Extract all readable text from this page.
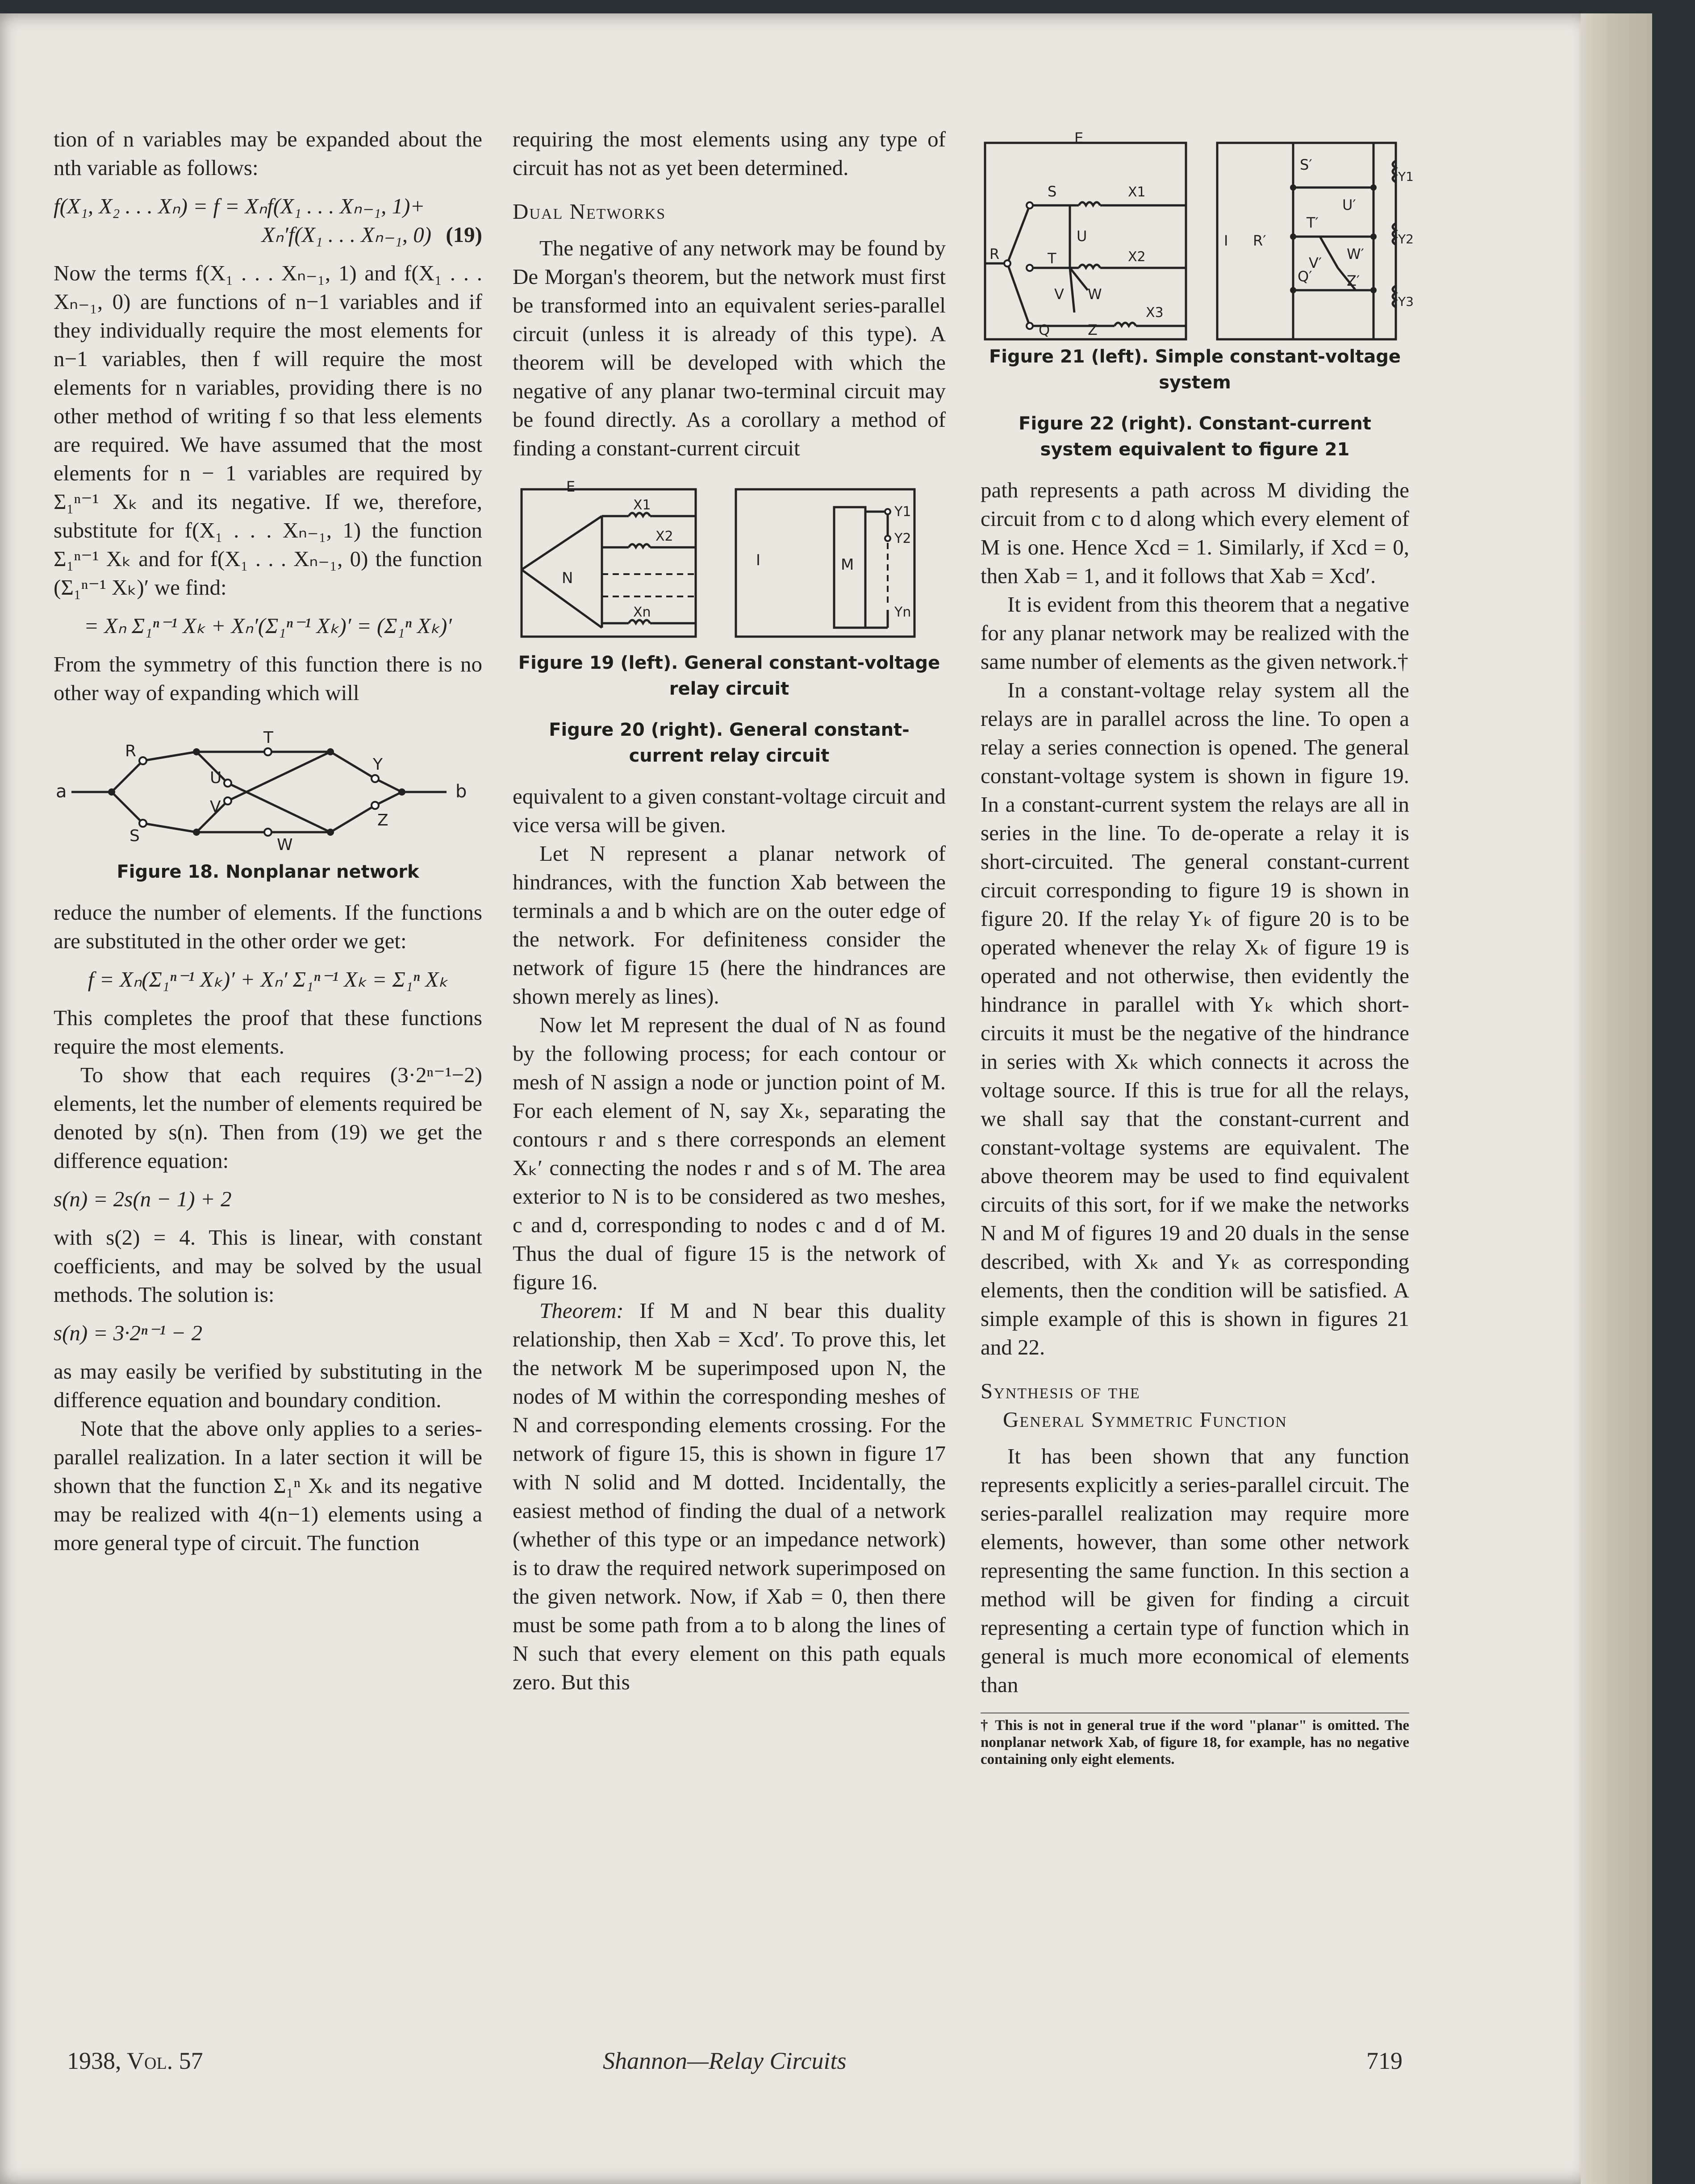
tion of n variables may be expanded about the nth variable as follows:

f(X₁, X₂ . . . Xₙ) = f = Xₙf(X₁ . . . Xₙ₋₁, 1)+
Xₙ′f(X₁ . . . Xₙ₋₁, 0) (19)

Now the terms f(X₁ . . . Xₙ₋₁, 1) and f(X₁ . . . Xₙ₋₁, 0) are functions of n−1 variables and if they individually require the most elements for n−1 variables, then f will require the most elements for n variables, providing there is no other method of writing f so that less elements are required. We have assumed that the most elements for n − 1 variables are required by Σ₁ⁿ⁻¹ Xₖ and its negative. If we, therefore, substitute for f(X₁ . . . Xₙ₋₁, 1) the function Σ₁ⁿ⁻¹ Xₖ and for f(X₁ . . . Xₙ₋₁, 0) the function (Σ₁ⁿ⁻¹ Xₖ)′ we find:

= Xₙ Σ₁ⁿ⁻¹ Xₖ + Xₙ′(Σ₁ⁿ⁻¹ Xₖ)′ = (Σ₁ⁿ Xₖ)′

From the symmetry of this function there is no other way of expanding which will

a	b
R
S
T
U
V
W
Y
Z
Figure 18. Nonplanar network

reduce the number of elements. If the functions are substituted in the other order we get:

f = Xₙ(Σ₁ⁿ⁻¹ Xₖ)′ + Xₙ′ Σ₁ⁿ⁻¹ Xₖ = Σ₁ⁿ Xₖ

This completes the proof that these functions require the most elements.

To show that each requires (3·2ⁿ⁻¹−2) elements, let the number of elements required be denoted by s(n). Then from (19) we get the difference equation:

s(n) = 2s(n − 1) + 2

with s(2) = 4. This is linear, with constant coefficients, and may be solved by the usual methods. The solution is:

s(n) = 3·2ⁿ⁻¹ − 2

as may easily be verified by substituting in the difference equation and boundary condition.

Note that the above only applies to a series-parallel realization. In a later section it will be shown that the function Σ₁ⁿ Xₖ and its negative may be realized with 4(n−1) elements using a more general type of circuit. The function

requiring the most elements using any type of circuit has not as yet been determined.

Dual Networks

The negative of any network may be found by De Morgan's theorem, but the network must first be transformed into an equivalent series-parallel circuit (unless it is already of this type). A theorem will be developed with which the negative of any planar two-terminal circuit may be found directly. As a corollary a method of finding a constant-current circuit

E
N
X1
X2
Xn
I	M
Y1
Y2
Yn
Figure 19 (left). General constant-voltage relay circuit
Figure 20 (right). General constant-current relay circuit

equivalent to a given constant-voltage circuit and vice versa will be given.

Let N represent a planar network of hindrances, with the function Xab between the terminals a and b which are on the outer edge of the network. For definiteness consider the network of figure 15 (here the hindrances are shown merely as lines).

Now let M represent the dual of N as found by the following process; for each contour or mesh of N assign a node or junction point of M. For each element of N, say Xₖ, separating the contours r and s there corresponds an element Xₖ′ connecting the nodes r and s of M. The area exterior to N is to be considered as two meshes, c and d, corresponding to nodes c and d of M. Thus the dual of figure 15 is the network of figure 16.

Theorem: If M and N bear this duality relationship, then Xab = Xcd′. To prove this, let the network M be superimposed upon N, the nodes of M within the corresponding meshes of N and corresponding elements crossing. For the network of figure 15, this is shown in figure 17 with N solid and M dotted. Incidentally, the easiest method of finding the dual of a network (whether of this type or an impedance network) is to draw the required network superimposed on the given network. Now, if Xab = 0, then there must be some path from a to b along the lines of N such that every element on this path equals zero. But this

E
R
S
T
U
V W
Q	Z
X1
X2
X3
I R′
S′
T′
U′
V′
W′
Q′ Z′
Y1
Y2
Y3
Figure 21 (left). Simple constant-voltage system
Figure 22 (right). Constant-current system equivalent to figure 21

path represents a path across M dividing the circuit from c to d along which every element of M is one. Hence Xcd = 1. Similarly, if Xcd = 0, then Xab = 1, and it follows that Xab = Xcd′.

It is evident from this theorem that a negative for any planar network may be realized with the same number of elements as the given network.†

In a constant-voltage relay system all the relays are in parallel across the line. To open a relay a series connection is opened. The general constant-voltage system is shown in figure 19. In a constant-current system the relays are all in series in the line. To de-operate a relay it is short-circuited. The general constant-current circuit corresponding to figure 19 is shown in figure 20. If the relay Yₖ of figure 20 is to be operated whenever the relay Xₖ of figure 19 is operated and not otherwise, then evidently the hindrance in parallel with Yₖ which short-circuits it must be the negative of the hindrance in series with Xₖ which connects it across the voltage source. If this is true for all the relays, we shall say that the constant-current and constant-voltage systems are equivalent. The above theorem may be used to find equivalent circuits of this sort, for if we make the networks N and M of figures 19 and 20 duals in the sense described, with Xₖ and Yₖ as corresponding elements, then the condition will be satisfied. A simple example of this is shown in figures 21 and 22.

Synthesis of the
General Symmetric Function

It has been shown that any function represents explicitly a series-parallel circuit. The series-parallel realization may require more elements, however, than some other network representing the same function. In this section a method will be given for finding a circuit representing a certain type of function which in general is much more economical of elements than

† This is not in general true if the word "planar" is omitted. The nonplanar network Xab, of figure 18, for example, has no negative containing only eight elements.
1938, Vol. 57	Shannon—Relay Circuits	719
